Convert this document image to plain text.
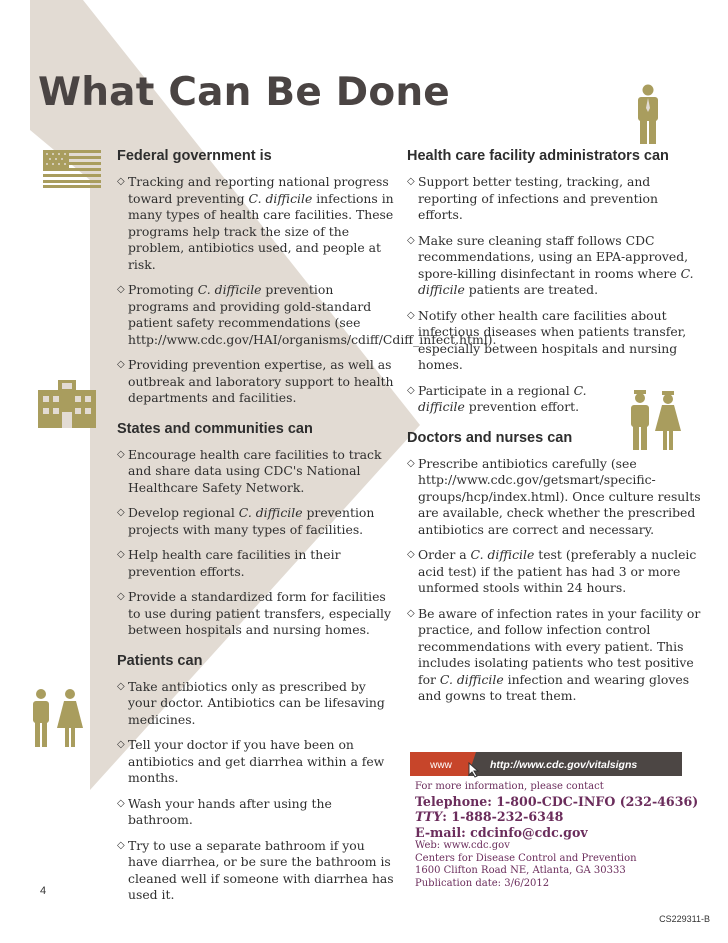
What Can Be Done
Federal government is
◇ Tracking and reporting national progress toward preventing C. difficile infections in many types of health care facilities. These programs help track the size of the problem, antibiotics used, and people at risk.
◇ Promoting C. difficile prevention programs and providing gold-standard patient safety recommendations (see http://www.cdc.gov/HAI/organisms/cdiff/Cdiff_infect.html).
◇ Providing prevention expertise, as well as outbreak and laboratory support to health departments and facilities.
States and communities can
◇ Encourage health care facilities to track and share data using CDC's National Healthcare Safety Network.
◇ Develop regional C. difficile prevention projects with many types of facilities.
◇ Help health care facilities in their prevention efforts.
◇ Provide a standardized form for facilities to use during patient transfers, especially between hospitals and nursing homes.
Patients can
◇ Take antibiotics only as prescribed by your doctor. Antibiotics can be lifesaving medicines.
◇ Tell your doctor if you have been on antibiotics and get diarrhea within a few months.
◇ Wash your hands after using the bathroom.
◇ Try to use a separate bathroom if you have diarrhea, or be sure the bathroom is cleaned well if someone with diarrhea has used it.
Health care facility administrators can
◇ Support better testing, tracking, and reporting of infections and prevention efforts.
◇ Make sure cleaning staff follows CDC recommendations, using an EPA-approved, spore-killing disinfectant in rooms where C. difficile patients are treated.
◇ Notify other health care facilities about infectious diseases when patients transfer, especially between hospitals and nursing homes.
◇ Participate in a regional C. difficile prevention effort.
Doctors and nurses can
◇ Prescribe antibiotics carefully (see http://www.cdc.gov/getsmart/specific-groups/hcp/index.html). Once culture results are available, check whether the prescribed antibiotics are correct and necessary.
◇ Order a C. difficile test (preferably a nucleic acid test) if the patient has had 3 or more unformed stools within 24 hours.
◇ Be aware of infection rates in your facility or practice, and follow infection control recommendations with every patient. This includes isolating patients who test positive for C. difficile infection and wearing gloves and gowns to treat them.
www	http://www.cdc.gov/vitalsigns
For more information, please contact
Telephone: 1-800-CDC-INFO (232-4636)
TTY: 1-888-232-6348
E-mail: cdcinfo@cdc.gov
Web: www.cdc.gov
Centers for Disease Control and Prevention
1600 Clifton Road NE, Atlanta, GA 30333
Publication date: 3/6/2012
4
CS229311-B
